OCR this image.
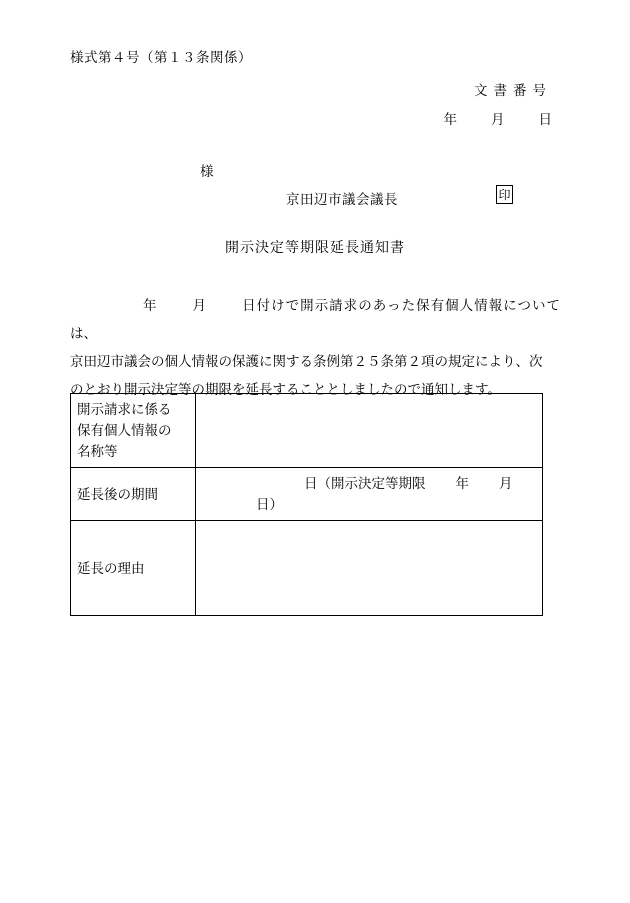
様式第４号（第１３条関係）
文書番号
年	月	日
様
京田辺市議会議長	印
開示決定等期限延長通知書
年	月	日付けで開示請求のあった保有個人情報については、
京田辺市議会の個人情報の保護に関する条例第２５条第２項の規定により、次
のとおり開示決定等の期限を延長することとしましたので通知します。
開示請求に係る
保有個人情報の
名称等	

延長後の期間	日（開示決定等期限 年 月日）
延長の理由	
